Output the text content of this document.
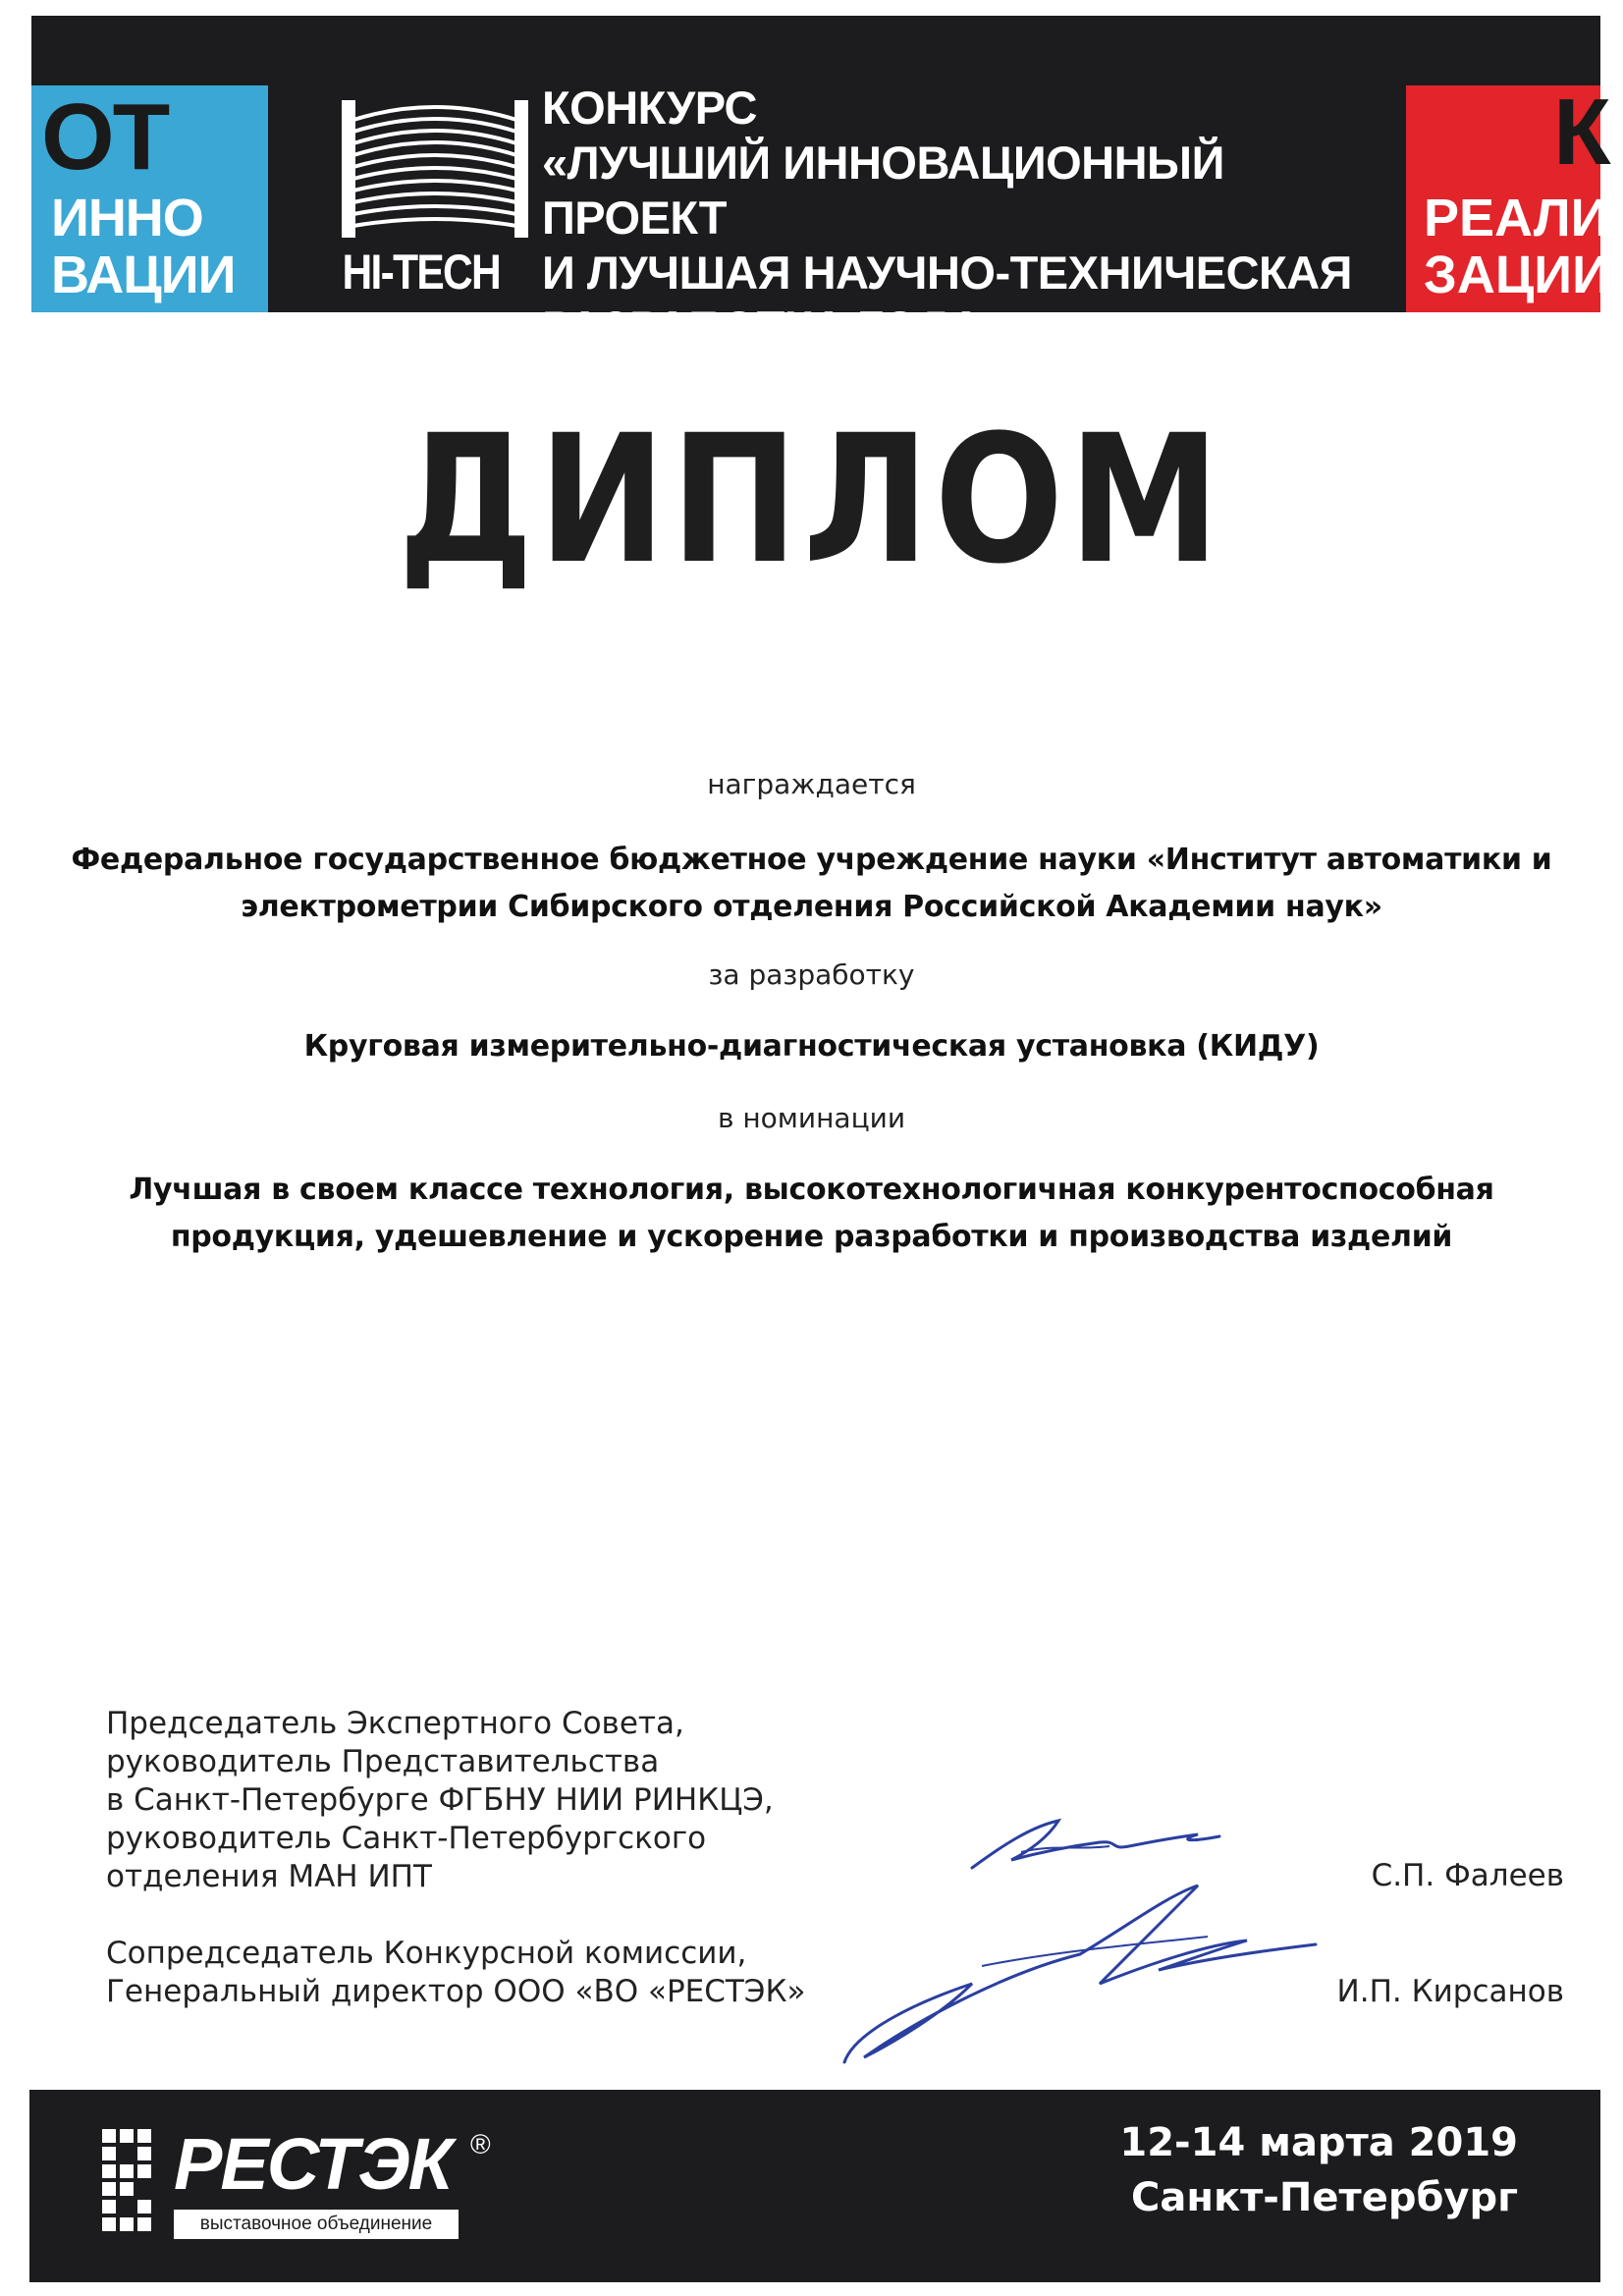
ОТ
ИННО
ВАЦИИ HI-TECH
КОНКУРС
«ЛУЧШИЙ ИННОВАЦИОННЫЙ ПРОЕКТ
И ЛУЧШАЯ НАУЧНО-ТЕХНИЧЕСКАЯ
РАЗРАБОТКА ГОДА»
К
РЕАЛИ
ЗАЦИИ
ДИПЛОМ
награждается
Федеральное государственное бюджетное учреждение науки «Институт автоматики и
электрометрии Сибирского отделения Российской Академии наук»
за разработку
Круговая измерительно-диагностическая установка (КИДУ)
в номинации
Лучшая в своем классе технология, высокотехнологичная конкурентоспособная
продукция, удешевление и ускорение разработки и производства изделий
Председатель Экспертного Совета,
руководитель Представительства
в Санкт-Петербурге ФГБНУ НИИ РИНКЦЭ,
руководитель Санкт-Петербургского
отделения МАН ИПТ	С.П. Фалеев
Сопредседатель Конкурсной комиссии,
Генеральный директор ООО «ВО «РЕСТЭК»	И.П. Кирсанов
РЕСТЭК ®
выставочное объединение
12-14 марта 2019
Санкт-Петербург
